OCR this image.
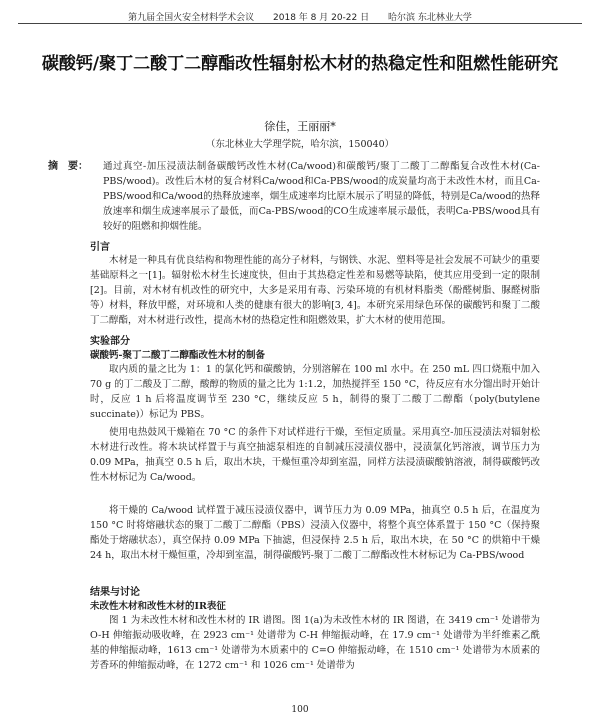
第九届全国火安全材料学术会议 2018 年 8 月 20-22 日 哈尔滨 东北林业大学
碳酸钙/聚丁二酸丁二醇酯改性辐射松木材的热稳定性和阻燃性能研究
徐佳，王丽丽*
（东北林业大学理学院，哈尔滨，150040）
摘　要： 通过真空-加压浸渍法制备碳酸钙改性木材(Ca/wood)和碳酸钙/聚丁二酸丁二醇酯复合改性木材(Ca-PBS/wood)。改性后木材的复合材料Ca/wood和Ca-PBS/wood的成炭量均高于未改性木材，而且Ca-PBS/wood和Ca/wood的热释放速率，烟生成速率均比原木展示了明显的降低，特别是Ca/wood的热释放速率和烟生成速率展示了最低，而Ca-PBS/wood的CO生成速率展示最低，表明Ca-PBS/wood具有较好的阻燃和抑烟性能。
引言
木材是一种具有优良结构和物理性能的高分子材料，与钢铁、水泥、塑料等是社会发展不可缺少的重要基础原料之一[1]。辐射松木材生长速度快，但由于其热稳定性差和易燃等缺陷，使其应用受到一定的限制[2]。目前，对木材有机改性的研究中，大多是采用有毒、污染环境的有机材料脂类（酚醛树脂、脲醛树脂等）材料，释放甲醛，对环境和人类的健康有很大的影响[3, 4]。本研究采用绿色环保的碳酸钙和聚丁二酸丁二醇酯，对木材进行改性，提高木材的热稳定性和阻燃效果，扩大木材的使用范围。
实验部分
碳酸钙-聚丁二酸丁二醇酯改性木材的制备
取内质的量之比为 1：1 的氯化钙和碳酸钠，分别溶解在 100 ml 水中。在 250 mL 四口烧瓶中加入 70 g 的丁二酸及丁二醇，酸醇的物质的量之比为 1:1.2，加热搅拌至 150 °C，待反应有水分馏出时开始计时，反应 1 h 后将温度调节至 230 °C，继续反应 5 h，制得的聚丁二酸丁二醇酯（poly(butylene succinate)）标记为 PBS。
使用电热鼓风干燥箱在 70 °C 的条件下对试样进行干燥，至恒定质量。采用真空-加压浸渍法对辐射松木材进行改性。将木块试样置于与真空抽滤泵相连的自制减压浸渍仪器中，浸渍氯化钙溶液，调节压力为 0.09 MPa，抽真空 0.5 h 后，取出木块，干燥恒重冷却到室温，同样方法浸渍碳酸钠溶液，制得碳酸钙改性木材标记为 Ca/wood。
将干燥的 Ca/wood 试样置于减压浸渍仪器中，调节压力为 0.09 MPa，抽真空 0.5 h 后，在温度为 150 °C 时将熔融状态的聚丁二酸丁二醇酯（PBS）浸渍入仪器中，将整个真空体系置于 150 °C（保持聚酯处于熔融状态），真空保持 0.09 MPa 下抽滤，但浸保持 2.5 h 后，取出木块，在 50 °C 的烘箱中干燥 24 h，取出木材干燥恒重，冷却到室温，制得碳酸钙-聚丁二酸丁二醇酯改性木材标记为 Ca-PBS/wood
结果与讨论
未改性木材和改性木材的IR表征
图 1 为未改性木材和改性木材的 IR 谱图。图 1(a)为未改性木材的 IR 图谱，在 3419 cm⁻¹ 处谱带为 O-H 伸缩振动吸收峰，在 2923 cm⁻¹ 处谱带为 C-H 伸缩振动峰，在 17.9 cm⁻¹ 处谱带为半纤维素乙酰基的伸缩振动峰，1613 cm⁻¹ 处谱带为木质素中的 C=O 伸缩振动峰，在 1510 cm⁻¹ 处谱带为木质素的芳香环的伸缩振动峰，在 1272 cm⁻¹ 和 1026 cm⁻¹ 处谱带为
100
